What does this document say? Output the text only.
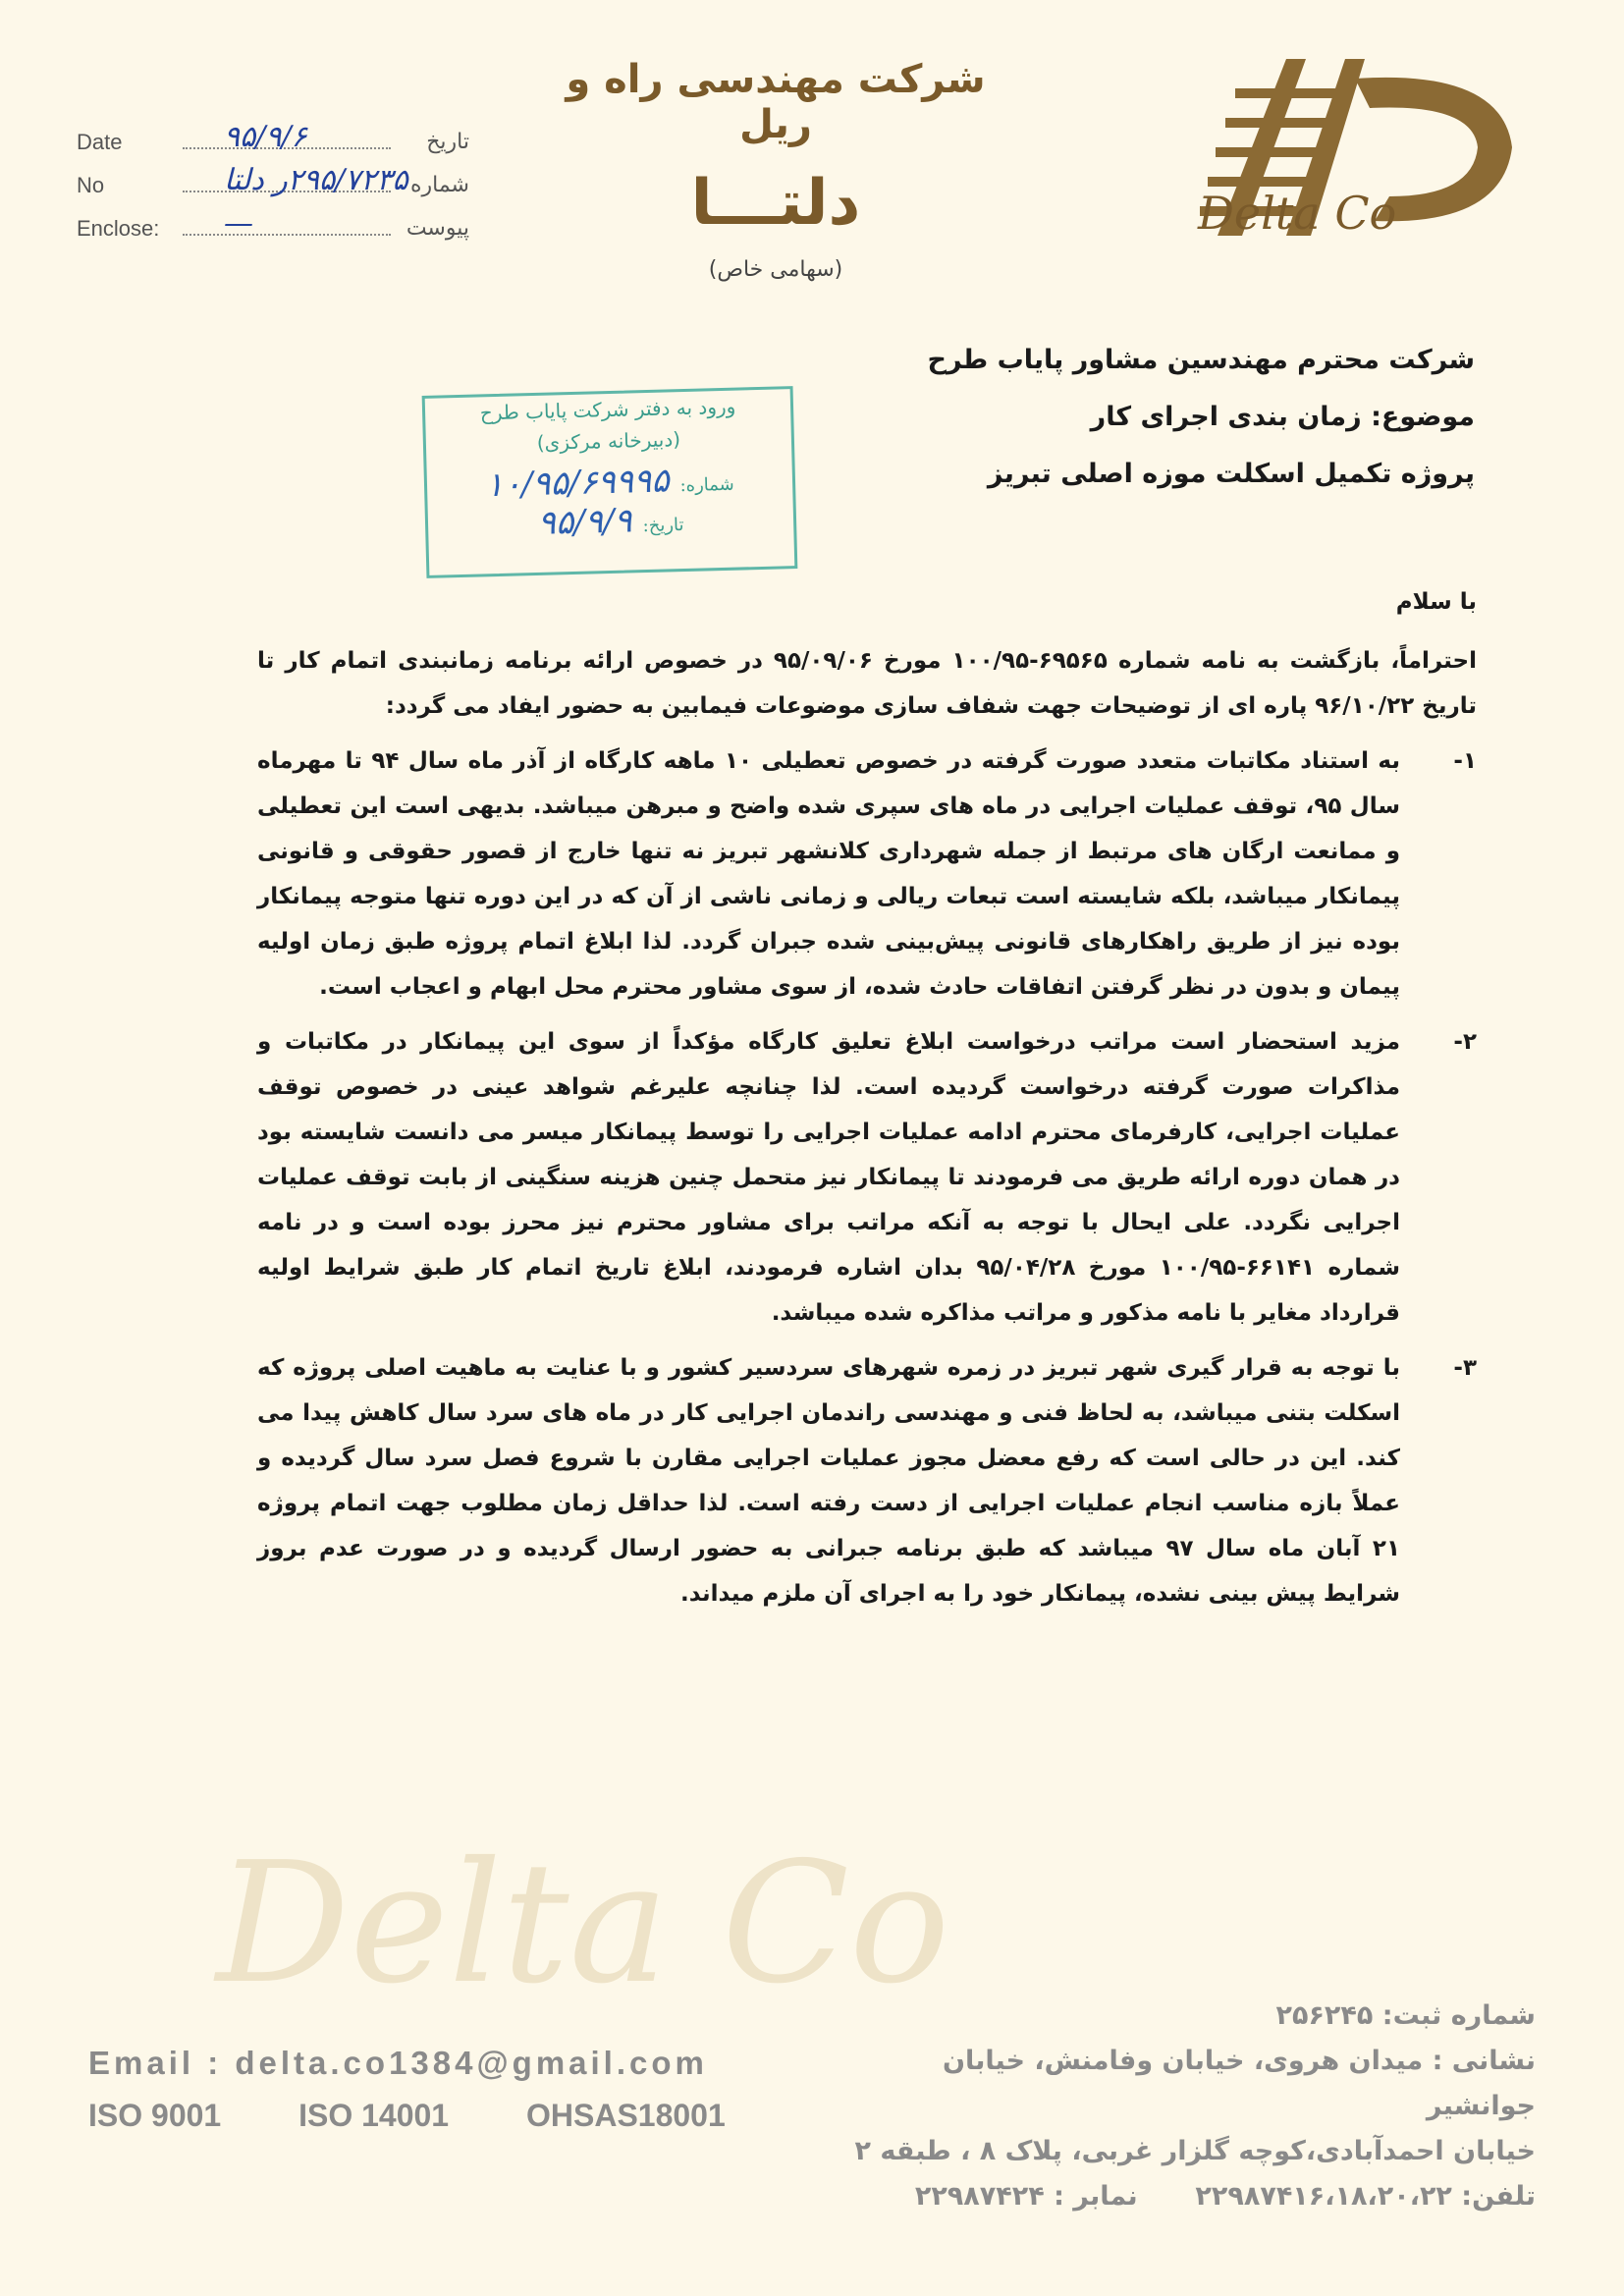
Date	۹۵/۹/۶	تاریخ
No	۲۹۵/۷۲۳۵ر دلتا شماره
Enclose: —	پیوست
شرکت مهندسی راه و ریل
دلتـــا
(سهامی خاص)
Delta Co
شرکت محترم مهندسین مشاور پایاب طرح
موضوع: زمان بندی اجرای کار
پروژه تکمیل اسکلت موزه اصلی تبریز
ورود به دفتر شرکت پایاب طرح
(دبیرخانه مرکزی)
شماره: ۱۰/۹۵/۶۹۹۹۵
تاریخ: ۹۵/۹/۹
Delta Co

با سلام

احتراماً، بازگشت به نامه شماره ۶۹۵۶۵-۱۰۰/۹۵ مورخ ۹۵/۰۹/۰۶ در خصوص ارائه برنامه زمانبندی اتمام کار تا تاریخ ۹۶/۱۰/۲۲ پاره ای از توضیحات جهت شفاف سازی موضوعات فیمابین به حضور ایفاد می گردد:

۱-
به استناد مکاتبات متعدد صورت گرفته در خصوص تعطیلی ۱۰ ماهه کارگاه از آذر ماه سال ۹۴ تا مهرماه سال ۹۵، توقف عملیات اجرایی در ماه های سپری شده واضح و مبرهن میباشد. بدیهی است این تعطیلی و ممانعت ارگان های مرتبط از جمله شهرداری کلانشهر تبریز نه تنها خارج از قصور حقوقی و قانونی پیمانکار میباشد، بلکه شایسته است تبعات ریالی و زمانی ناشی از آن که در این دوره تنها متوجه پیمانکار بوده نیز از طریق راهکارهای قانونی پیش‌بینی شده جبران گردد. لذا ابلاغ اتمام پروژه طبق زمان اولیه پیمان و بدون در نظر گرفتن اتفاقات حادث شده، از سوی مشاور محترم محل ابهام و اعجاب است.

۲-
مزید استحضار است مراتب درخواست ابلاغ تعلیق کارگاه مؤکداً از سوی این پیمانکار در مکاتبات و مذاکرات صورت گرفته درخواست گردیده است. لذا چنانچه علیرغم شواهد عینی در خصوص توقف عملیات اجرایی، کارفرمای محترم ادامه عملیات اجرایی را توسط پیمانکار میسر می دانست شایسته بود در همان دوره ارائه طریق می فرمودند تا پیمانکار نیز متحمل چنین هزینه سنگینی از بابت توقف عملیات اجرایی نگردد. علی ایحال با توجه به آنکه مراتب برای مشاور محترم نیز محرز بوده است و در نامه شماره ۶۶۱۴۱-۱۰۰/۹۵ مورخ ۹۵/۰۴/۲۸ بدان اشاره فرمودند، ابلاغ تاریخ اتمام کار طبق شرایط اولیه قرارداد مغایر با نامه مذکور و مراتب مذاکره شده میباشد.

۳-
با توجه به قرار گیری شهر تبریز در زمره شهرهای سردسیر کشور و با عنایت به ماهیت اصلی پروژه که اسکلت بتنی میباشد، به لحاظ فنی و مهندسی راندمان اجرایی کار در ماه های سرد سال کاهش پیدا می کند. این در حالی است که رفع معضل مجوز عملیات اجرایی مقارن با شروع فصل سرد سال گردیده و عملاً بازه مناسب انجام عملیات اجرایی از دست رفته است. لذا حداقل زمان مطلوب جهت اتمام پروژه ۲۱ آبان ماه سال ۹۷ میباشد که طبق برنامه جبرانی به حضور ارسال گردیده و در صورت عدم بروز شرایط پیش بینی نشده، پیمانکار خود را به اجرای آن ملزم میداند.

Email : delta.co1384@gmail.com
ISO 9001 ISO 14001 OHSAS18001
شماره ثبت: ۲۵۶۲۴۵
نشانی : میدان هروی، خیابان وفامنش، خیابان جوانشیر
خیابان احمدآبادی،کوچه گلزار غربی، پلاک ۸ ، طبقه ۲
تلفن: ۲۲۹۸۷۴۱۶،۱۸،۲۰،۲۲  نمابر : ۲۲۹۸۷۴۲۴
